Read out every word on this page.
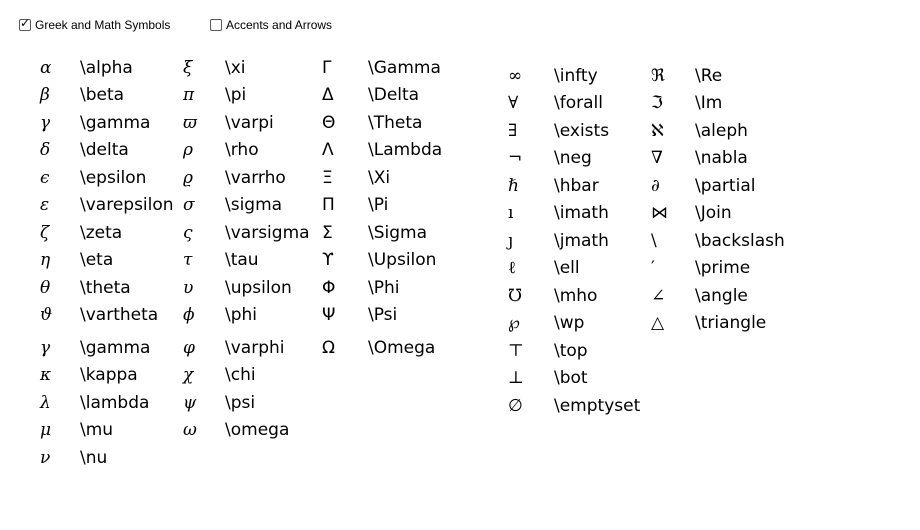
✓
Greek and Math Symbols	Accents and Arrows
α	\alpha
β	\beta
γ	\gamma
δ	\delta
ϵ	\epsilon
ε	\varepsilon
ζ	\zeta
η	\eta
θ	\theta
ϑ	\vartheta
γ	\gamma
κ	\kappa
λ	\lambda
μ	\mu
ν	\nu
ξ	\xi
π	\pi
ϖ	\varpi
ρ	\rho
ϱ	\varrho
σ	\sigma
ς	\varsigma
τ	\tau
υ	\upsilon
ϕ	\phi
φ	\varphi
χ	\chi
ψ	\psi
ω	\omega
Γ	\Gamma
Δ	\Delta
Θ	\Theta
Λ	\Lambda
Ξ	\Xi
Π	\Pi
Σ	\Sigma
ϒ	\Upsilon
Φ	\Phi
Ψ	\Psi
Ω	\Omega
∞	\infty
∀	\forall
∃	\exists
¬	\neg
ℏ	\hbar
ı	\imath
ȷ	\jmath
ℓ	\ell
℧	\mho
℘	\wp
⊤	\top
⊥	\bot
∅	\emptyset
ℜ	\Re
ℑ	\Im
ℵ	\aleph
∇	\nabla
∂	\partial
⋈	\Join
\	\backslash
′	\prime
∠	\angle
△	\triangle
